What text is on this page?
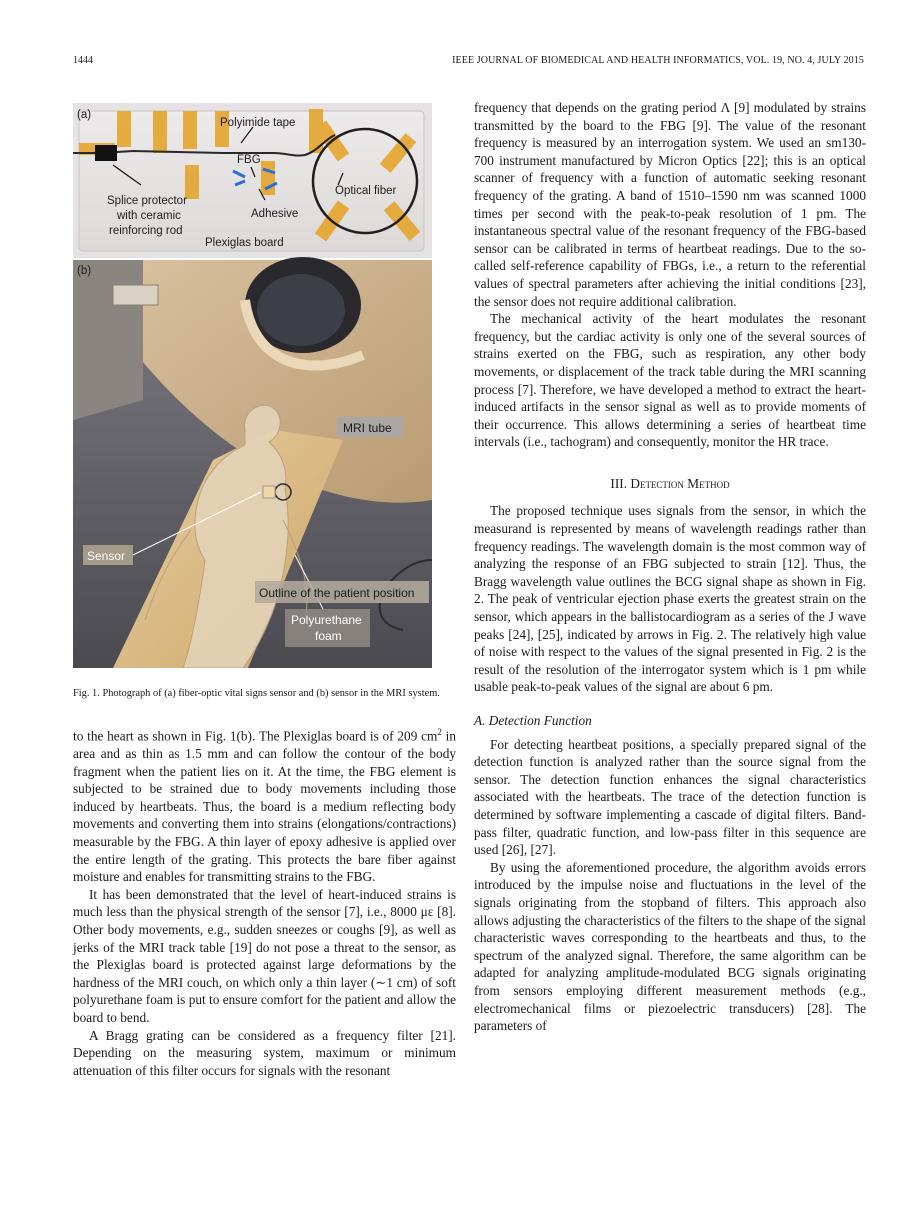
1444	IEEE JOURNAL OF BIOMEDICAL AND HEALTH INFORMATICS, VOL. 19, NO. 4, JULY 2015
Polyimide tape
FBG
Optical fiber
Splice protector
with ceramic
reinforcing rod
Adhesive
Plexiglas board
(a)
MRI tube
Sensor
Polyurethane
foam
Outline of the patient position
(b)
Fig. 1. Photograph of (a) fiber-optic vital signs sensor and (b) sensor in the MRI system.

to the heart as shown in Fig. 1(b). The Plexiglas board is of 209 $cm^2$ in area and as thin as 1.5 mm and can follow the contour of the body fragment when the patient lies on it. At the time, the FBG element is subjected to be strained due to body movements including those induced by heartbeats. Thus, the board is a medium reflecting body movements and converting them into strains (elongations/contractions) measurable by the FBG. A thin layer of epoxy adhesive is applied over the entire length of the grating. This protects the bare fiber against moisture and enables for transmitting strains to the FBG.

It has been demonstrated that the level of heart-induced strains is much less than the physical strength of the sensor [7], i.e., 8000 με [8]. Other body movements, e.g., sudden sneezes or coughs [9], as well as jerks of the MRI track table [19] do not pose a threat to the sensor, as the Plexiglas board is protected against large deformations by the hardness of the MRI couch, on which only a thin layer (∼1 cm) of soft polyurethane foam is put to ensure comfort for the patient and allow the board to bend.

A Bragg grating can be considered as a frequency filter [21]. Depending on the measuring system, maximum or minimum attenuation of this filter occurs for signals with the resonant

frequency that depends on the grating period Λ [9] modulated by strains transmitted by the board to the FBG [9]. The value of the resonant frequency is measured by an interrogation system. We used an sm130-700 instrument manufactured by Micron Optics [22]; this is an optical scanner of frequency with a function of automatic seeking resonant frequency of the grating. A band of 1510–1590 nm was scanned 1000 times per second with the peak-to-peak resolution of 1 pm. The instantaneous spectral value of the resonant frequency of the FBG-based sensor can be calibrated in terms of heartbeat readings. Due to the so-called self-reference capability of FBGs, i.e., a return to the referential values of spectral parameters after achieving the initial conditions [23], the sensor does not require additional calibration.

The mechanical activity of the heart modulates the resonant frequency, but the cardiac activity is only one of the several sources of strains exerted on the FBG, such as respiration, any other body movements, or displacement of the track table during the MRI scanning process [7]. Therefore, we have developed a method to extract the heart-induced artifacts in the sensor signal as well as to provide moments of their occurrence. This allows determining a series of heartbeat time intervals (i.e., tachogram) and consequently, monitor the HR trace.

III. Detection Method

The proposed technique uses signals from the sensor, in which the measurand is represented by means of wavelength readings rather than frequency readings. The wavelength domain is the most common way of analyzing the response of an FBG subjected to strain [12]. Thus, the Bragg wavelength value outlines the BCG signal shape as shown in Fig. 2. The peak of ventricular ejection phase exerts the greatest strain on the sensor, which appears in the ballistocardiogram as a series of the J wave peaks [24], [25], indicated by arrows in Fig. 2. The relatively high value of noise with respect to the values of the signal presented in Fig. 2 is the result of the resolution of the interrogator system which is 1 pm while usable peak-to-peak values of the signal are about 6 pm.

A. Detection Function

For detecting heartbeat positions, a specially prepared signal of the detection function is analyzed rather than the source signal from the sensor. The detection function enhances the signal characteristics associated with the heartbeats. The trace of the detection function is determined by software implementing a cascade of digital filters. Band-pass filter, quadratic function, and low-pass filter in this sequence are used [26], [27].

By using the aforementioned procedure, the algorithm avoids errors introduced by the impulse noise and fluctuations in the level of the signals originating from the stopband of filters. This approach also allows adjusting the characteristics of the filters to the shape of the signal characteristic waves corresponding to the heartbeats and thus, to the spectrum of the analyzed signal. Therefore, the same algorithm can be adapted for analyzing amplitude-modulated BCG signals originating from sensors employing different measurement methods (e.g., electromechanical films or piezoelectric transducers) [28]. The parameters of
